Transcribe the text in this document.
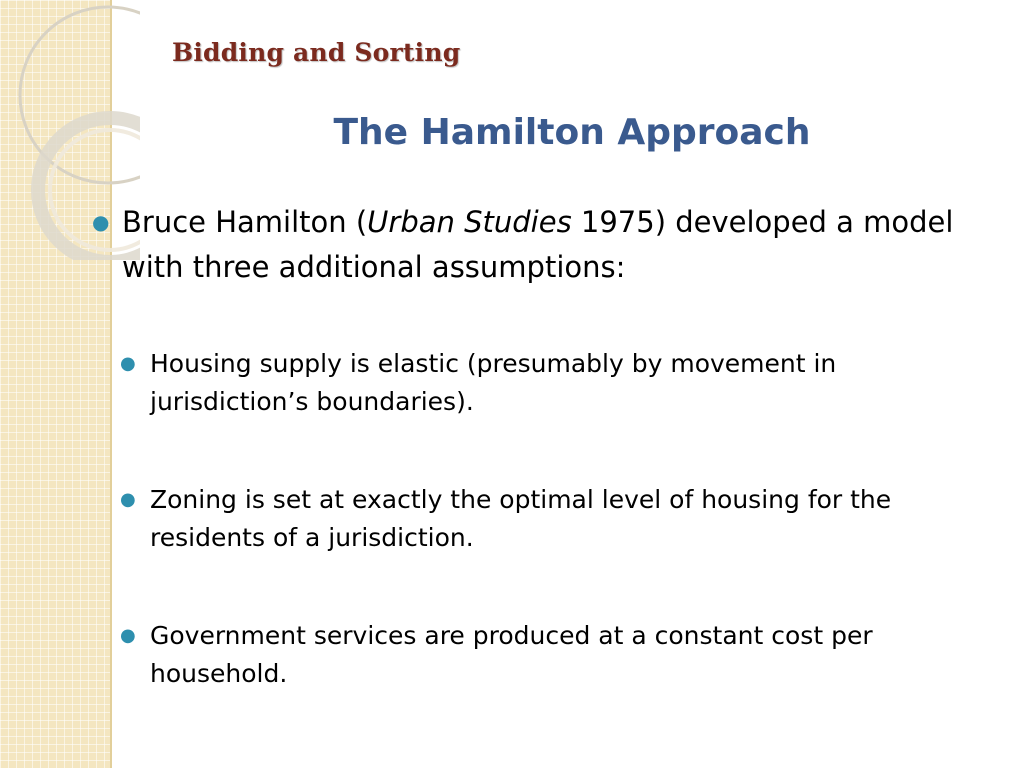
Bidding and Sorting
The Hamilton Approach
● Bruce Hamilton (Urban Studies 1975) developed a model with three additional assumptions:
● Housing supply is elastic (presumably by movement in jurisdiction’s boundaries).
● Zoning is set at exactly the optimal level of housing for the residents of a jurisdiction.
● Government services are produced at a constant cost per household.
